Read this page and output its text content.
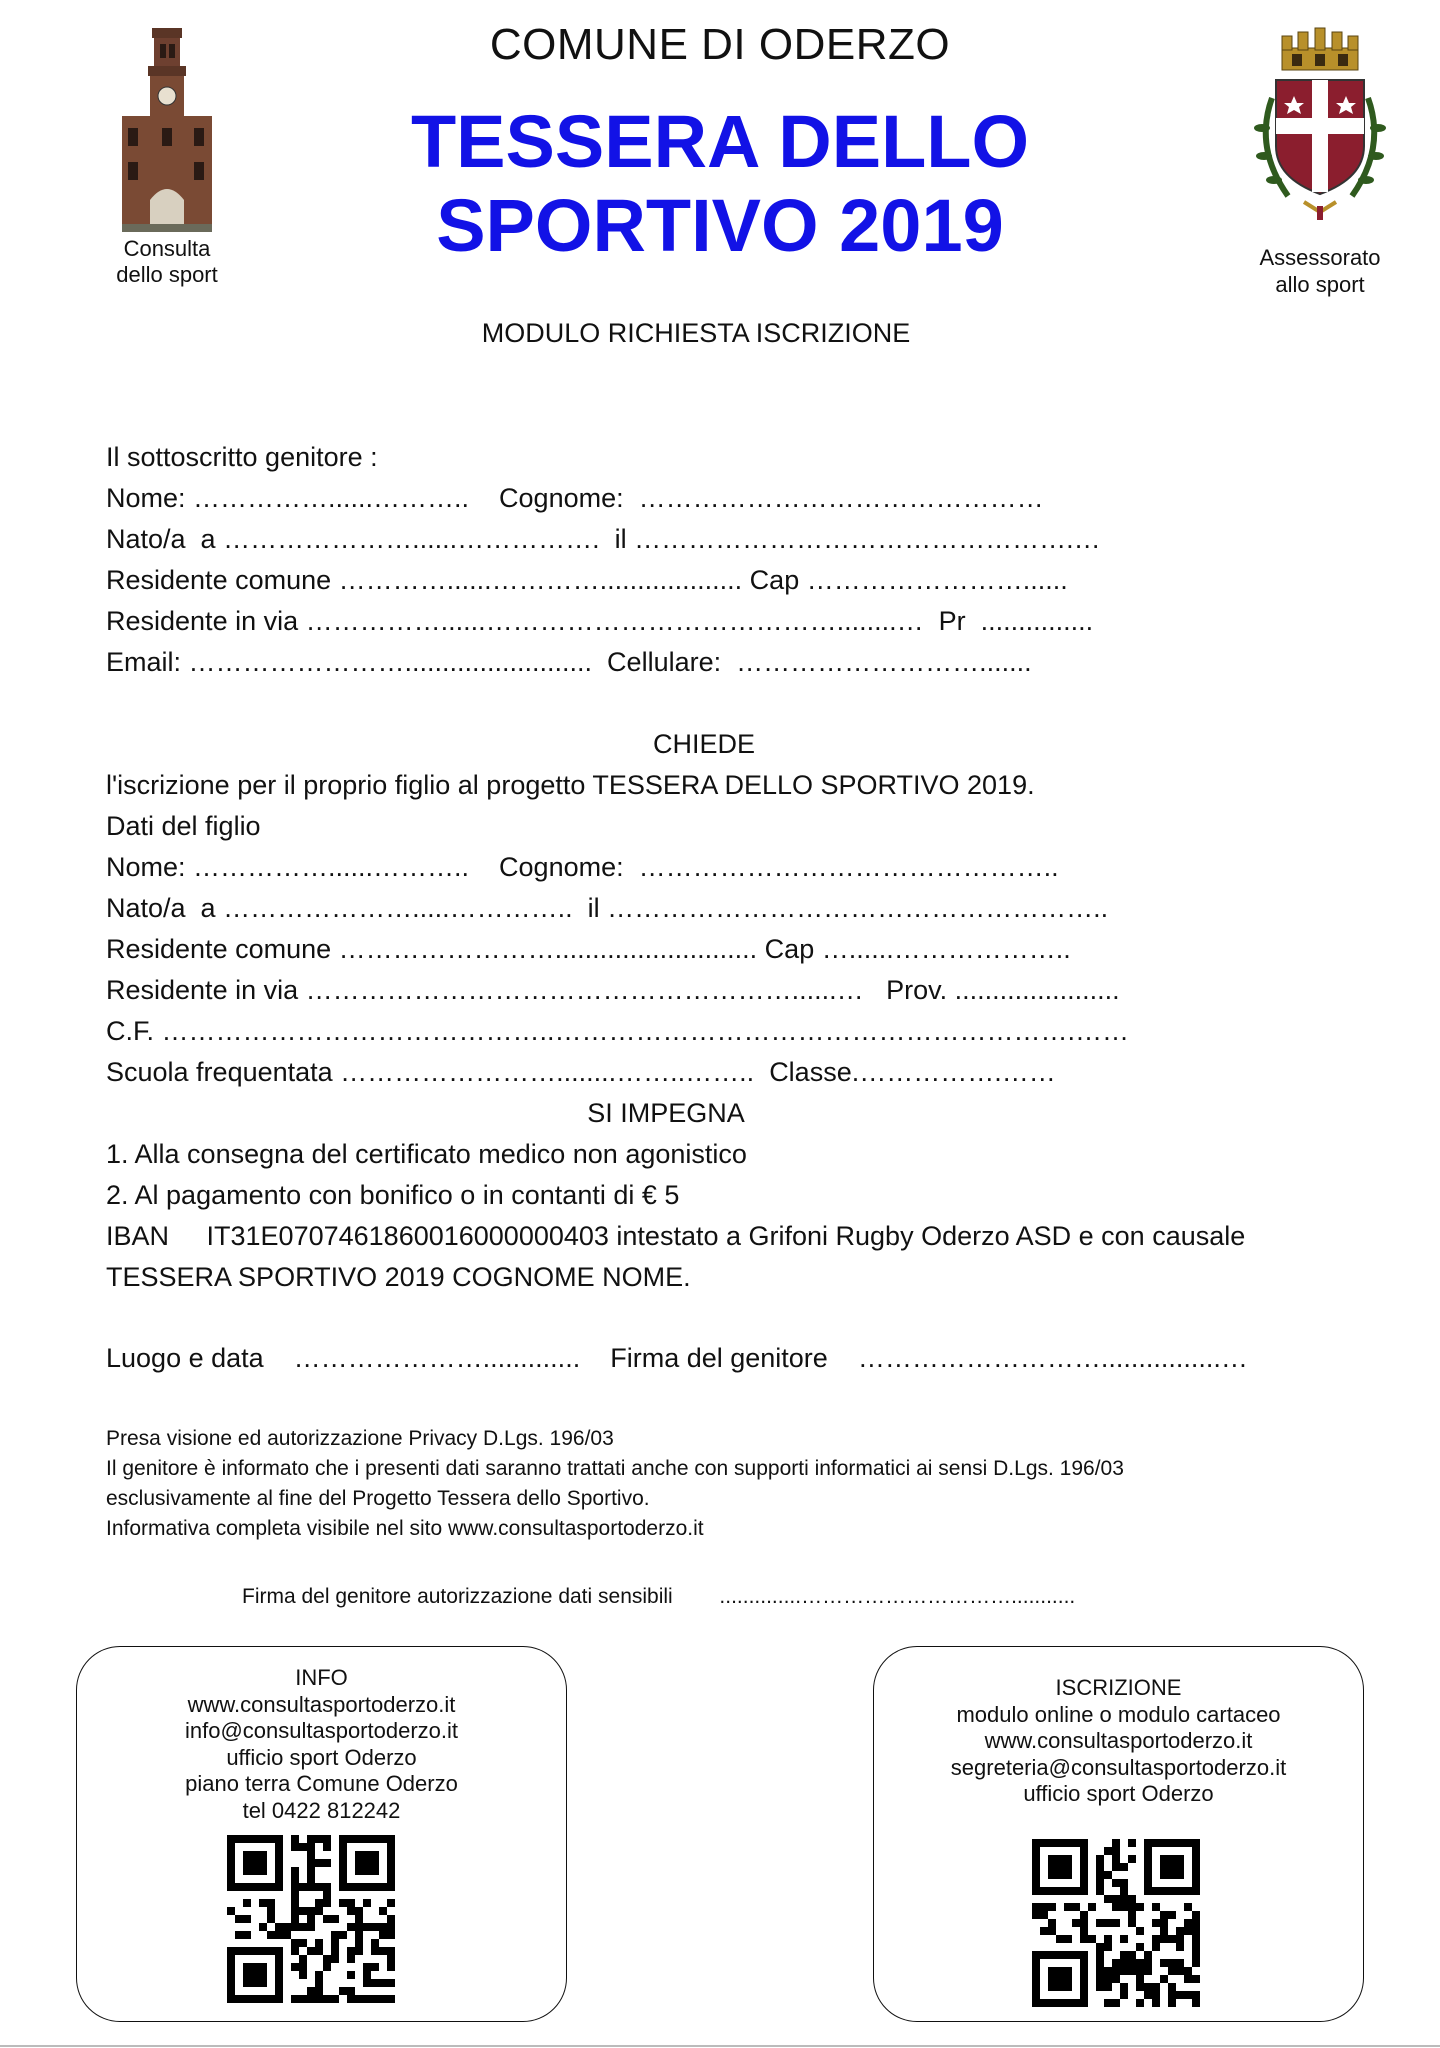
COMUNE DI ODERZO
TESSERA DELLO
SPORTIVO 2019
MODULO RICHIESTA ISCRIZIONE
Consulta
dello sport
Assessorato
allo sport
Il sottoscritto genitore :
Nome: ……………......………..    Cognome:  ………………………………………
Nato/a  a …………………......…………….  il ………………………………………….…
Residente comune …………......…………................... Cap ……………………......
Residente in via ……………......…………………………………........…  Pr  ...............
Email: …………………….........................  Cellulare:  ……………………….......
CHIEDE
l'iscrizione per il proprio figlio al progetto TESSERA DELLO SPORTIVO 2019.
Dati del figlio
Nome: ……………......………..    Cognome:  ………………………………………..
Nato/a  a ………………….....…………..  il ………………………………………………..
Residente comune ……………………........................... Cap …......………………..
Residente in via ………………………………………………......…   Prov. ......................
C.F. ……………………………………..………………………………………………….……
Scuola frequentata ……………………........……..……..  Classe.…………….……
SI IMPEGNA
1. Alla consegna del certificato medico non agonistico
2. Al pagamento con bonifico o in contanti di € 5
IBAN     IT31E0707461860016000000403 intestato a Grifoni Rugby Oderzo ASD e con causale
TESSERA SPORTIVO 2019 COGNOME NOME.
Luogo e data …………………............. Firma del genitore ………………………................…
Presa visione ed autorizzazione Privacy D.Lgs. 196/03
Il genitore è informato che i presenti dati saranno trattati anche con supporti informatici ai sensi D.Lgs. 196/03
esclusivamente al fine del Progetto Tessera dello Sportivo.
Informativa completa visibile nel sito www.consultasportoderzo.it
Firma del genitore autorizzazione dati sensibili ..............…………………………...........
INFO
www.consultasportoderzo.it
info@consultasportoderzo.it
ufficio sport Oderzo
piano terra Comune Oderzo
tel 0422 812242
ISCRIZIONE
modulo online o modulo cartaceo
www.consultasportoderzo.it
segreteria@consultasportoderzo.it
ufficio sport Oderzo
